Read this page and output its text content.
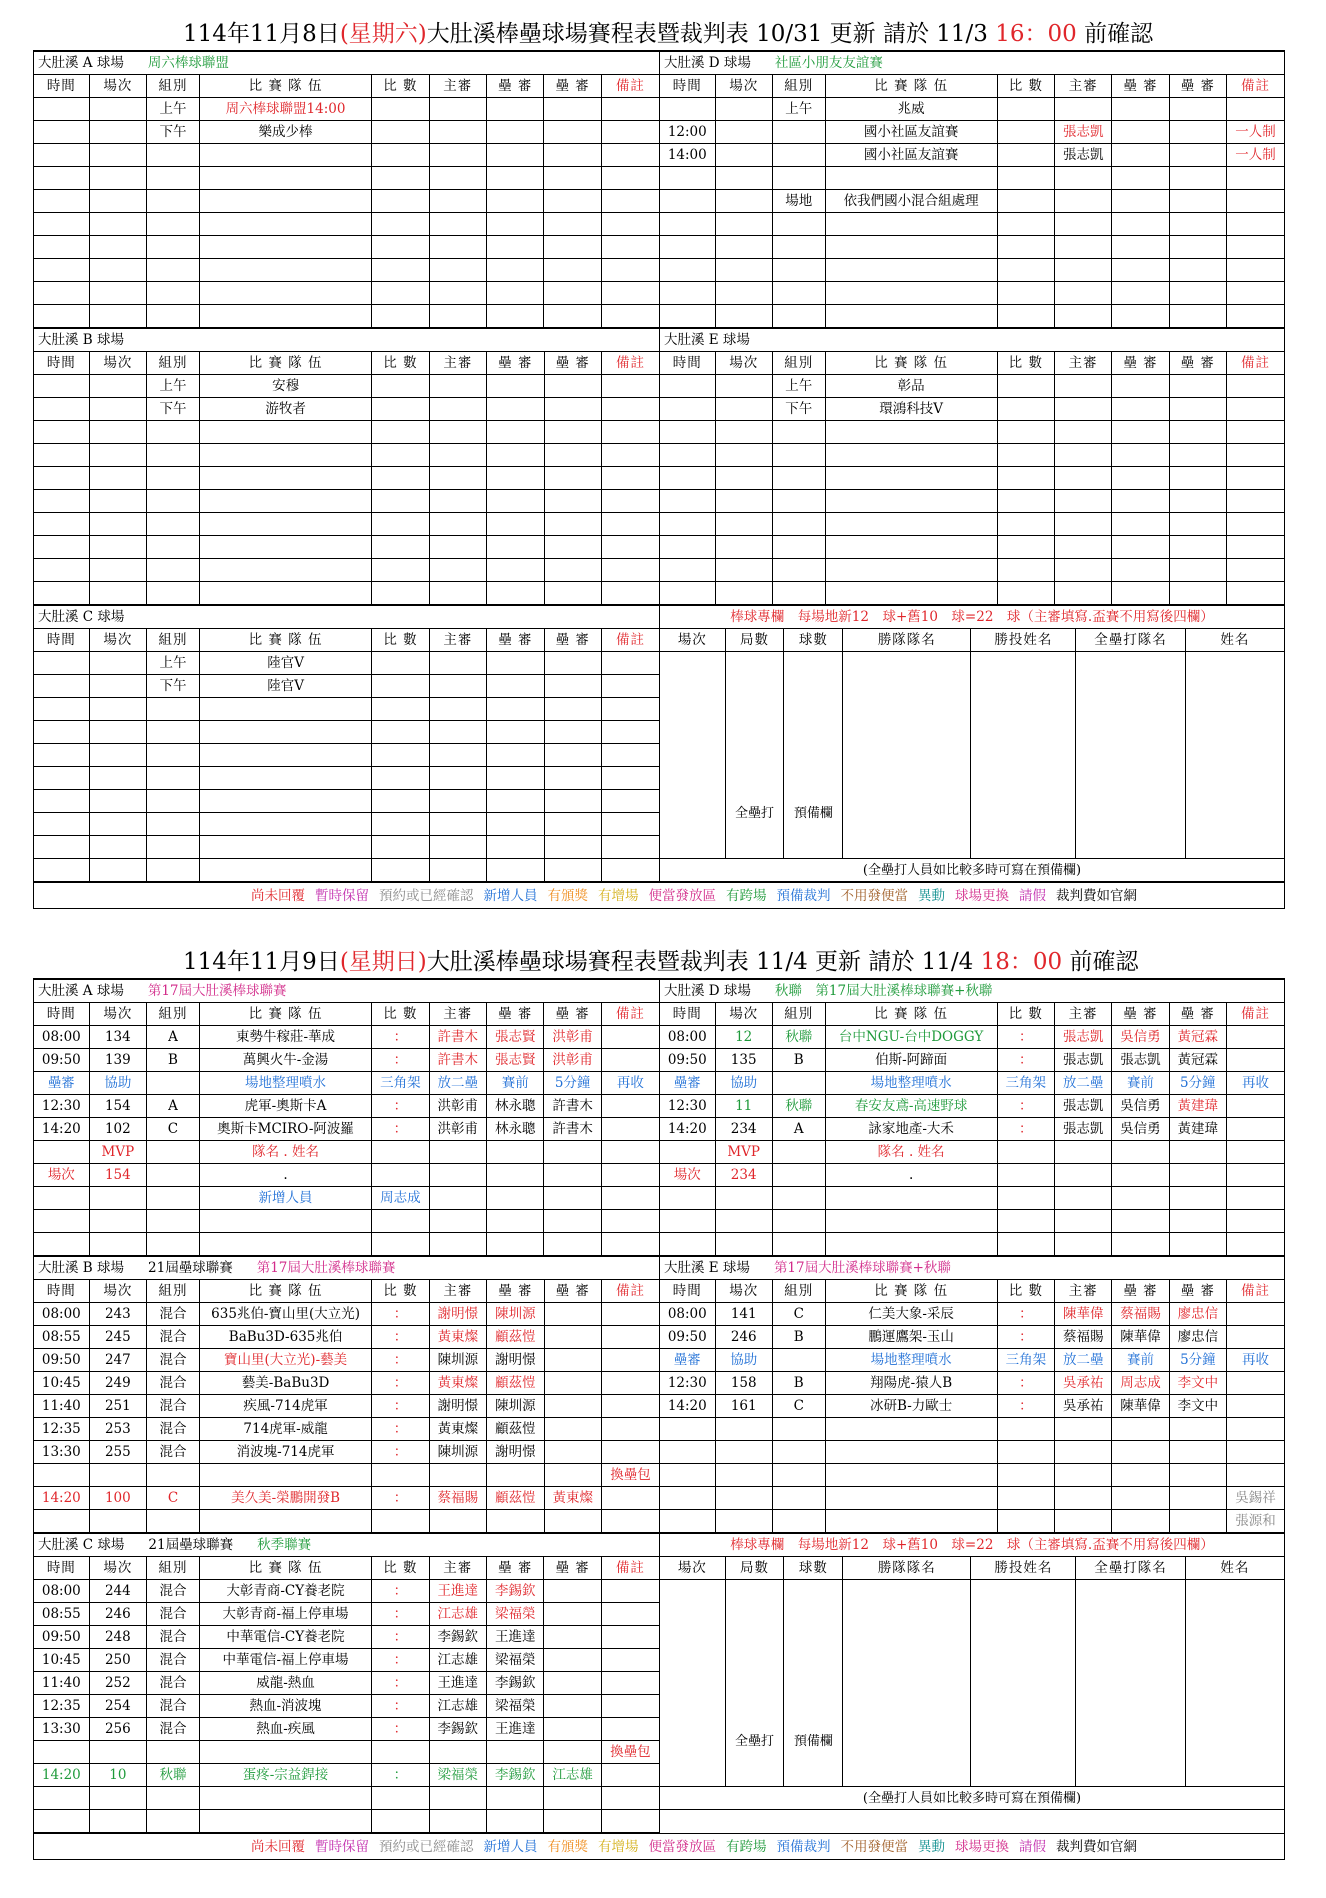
114年11月8日(星期六)大肚溪棒壘球場賽程表暨裁判表 10/31 更新 請於 11/3 16：00 前確認
大肚溪 A 球場 周六棒球聯盟								
時間	場次	組別	比 賽 隊 伍	比 數	主審	壘 審	壘 審	備註
		上午	周六棒球聯盟14:00					
		下午	樂成少棒					

大肚溪 B 球場								
時間	場次	組別	比 賽 隊 伍	比 數	主審	壘 審	壘 審	備註
		上午	安穆					
		下午	游牧者					

大肚溪 C 球場								
時間	場次	組別	比 賽 隊 伍	比 數	主審	壘 審	壘 審	備註
		上午	陸官V					
		下午	陸官V					

大肚溪 D 球場 社區小朋友友誼賽								
時間	場次	組別	比 賽 隊 伍	比 數	主審	壘 審	壘 審	備註
		上午	兆威					
12:00			國小社區友誼賽		張志凱			一人制
14:00			國小社區友誼賽		張志凱			一人制

		場地	依我們國小混合組處理					

大肚溪 E 球場								
時間	場次	組別	比 賽 隊 伍	比 數	主審	壘 審	壘 審	備註
		上午	彰品					
		下午	環鴻科技V					

棒球專欄　每場地新12　球+舊10　球=22　球（主審填寫.盃賽不用寫後四欄）						
場次	局數	球數	勝隊隊名	勝投姓名	全壘打隊名	姓名
	全壘打	預備欄				
(全壘打人員如比較多時可寫在預備欄)						
尚未回覆 暫時保留 預約或已經確認 新增人員 有頒獎 有增場 便當發放區 有跨場 預備裁判 不用發便當 異動 球場更換 請假 裁判費如官網
114年11月9日(星期日)大肚溪棒壘球場賽程表暨裁判表 11/4 更新 請於 11/4 18：00 前確認
大肚溪 A 球場 第17屆大肚溪棒球聯賽								
時間	場次	組別	比 賽 隊 伍	比 數	主審	壘 審	壘 審	備註
08:00	134	A	東勢牛稼莊-華成	：	許書木	張志賢	洪彰甫	
09:50	139	B	萬興火牛-金湯	：	許書木	張志賢	洪彰甫	
壘審	協助		場地整理噴水	三角架	放二壘	賽前	5分鐘	再收
12:30	154	A	虎軍-奧斯卡A	：	洪彰甫	林永聰	許書木	
14:20	102	C	奧斯卡MCIRO-阿波羅	：	洪彰甫	林永聰	許書木	
	MVP		隊名 . 姓名					
場次	154		.					
			新增人員	周志成				

大肚溪 B 球場 21屆壘球聯賽 第17屆大肚溪棒球聯賽								
時間	場次	組別	比 賽 隊 伍	比 數	主審	壘 審	壘 審	備註
08:00	243	混合	635兆伯-寶山里(大立光)	：	謝明憬	陳圳源		
08:55	245	混合	BaBu3D-635兆伯	：	黃東燦	顧茲愷		
09:50	247	混合	寶山里(大立光)-藝美	：	陳圳源	謝明憬		
10:45	249	混合	藝美-BaBu3D	：	黃東燦	顧茲愷		
11:40	251	混合	疾風-714虎軍	：	謝明憬	陳圳源		
12:35	253	混合	714虎軍-威龍	：	黃東燦	顧茲愷		
13:30	255	混合	消波塊-714虎軍	：	陳圳源	謝明憬		
								換壘包
14:20	100	C	美久美-榮鵬開發B	：	蔡福賜	顧茲愷	黃東燦	

大肚溪 C 球場 21屆壘球聯賽 秋季聯賽								
時間	場次	組別	比 賽 隊 伍	比 數	主審	壘 審	壘 審	備註
08:00	244	混合	大彰青商-CY養老院	：	王進達	李錫欽		
08:55	246	混合	大彰青商-福上停車場	：	江志雄	梁福榮		
09:50	248	混合	中華電信-CY養老院	：	李錫欽	王進達		
10:45	250	混合	中華電信-福上停車場	：	江志雄	梁福榮		
11:40	252	混合	威龍-熱血	：	王進達	李錫欽		
12:35	254	混合	熱血-消波塊	：	江志雄	梁福榮		
13:30	256	混合	熱血-疾風	：	李錫欽	王進達		
								換壘包
14:20	10	秋聯	蛋疼-宗益銲接	：	梁福榮	李錫欽	江志雄	

大肚溪 D 球場 秋聯　第17屆大肚溪棒球聯賽+秋聯								
時間	場次	組別	比 賽 隊 伍	比 數	主審	壘 審	壘 審	備註
08:00	12	秋聯	台中NGU-台中DOGGY	：	張志凱	吳信勇	黃冠霖	
09:50	135	B	伯斯-阿蹄面	：	張志凱	張志凱	黃冠霖	
壘審	協助		場地整理噴水	三角架	放二壘	賽前	5分鐘	再收
12:30	11	秋聯	春安友鳶-高速野球	：	張志凱	吳信勇	黃建瑋	
14:20	234	A	詠家地產-大禾	：	張志凱	吳信勇	黃建瑋	
	MVP		隊名 . 姓名					
場次	234		.					

大肚溪 E 球場 第17屆大肚溪棒球聯賽+秋聯								
時間	場次	組別	比 賽 隊 伍	比 數	主審	壘 審	壘 審	備註
08:00	141	C	仁美大象-采辰	：	陳華偉	蔡福賜	廖忠信	
09:50	246	B	鵬運鷹架-玉山	：	蔡福賜	陳華偉	廖忠信	
壘審	協助		場地整理噴水	三角架	放二壘	賽前	5分鐘	再收
12:30	158	B	翔陽虎-猿人B	：	吳承祐	周志成	李文中	
14:20	161	C	冰研B-力歐士	：	吳承祐	陳華偉	李文中	

								吳錫祥
								張源和
棒球專欄　每場地新12　球+舊10　球=22　球（主審填寫.盃賽不用寫後四欄）						
場次	局數	球數	勝隊隊名	勝投姓名	全壘打隊名	姓名
	全壘打	預備欄				
(全壘打人員如比較多時可寫在預備欄)						
尚未回覆 暫時保留 預約或已經確認 新增人員 有頒獎 有增場 便當發放區 有跨場 預備裁判 不用發便當 異動 球場更換 請假 裁判費如官網
